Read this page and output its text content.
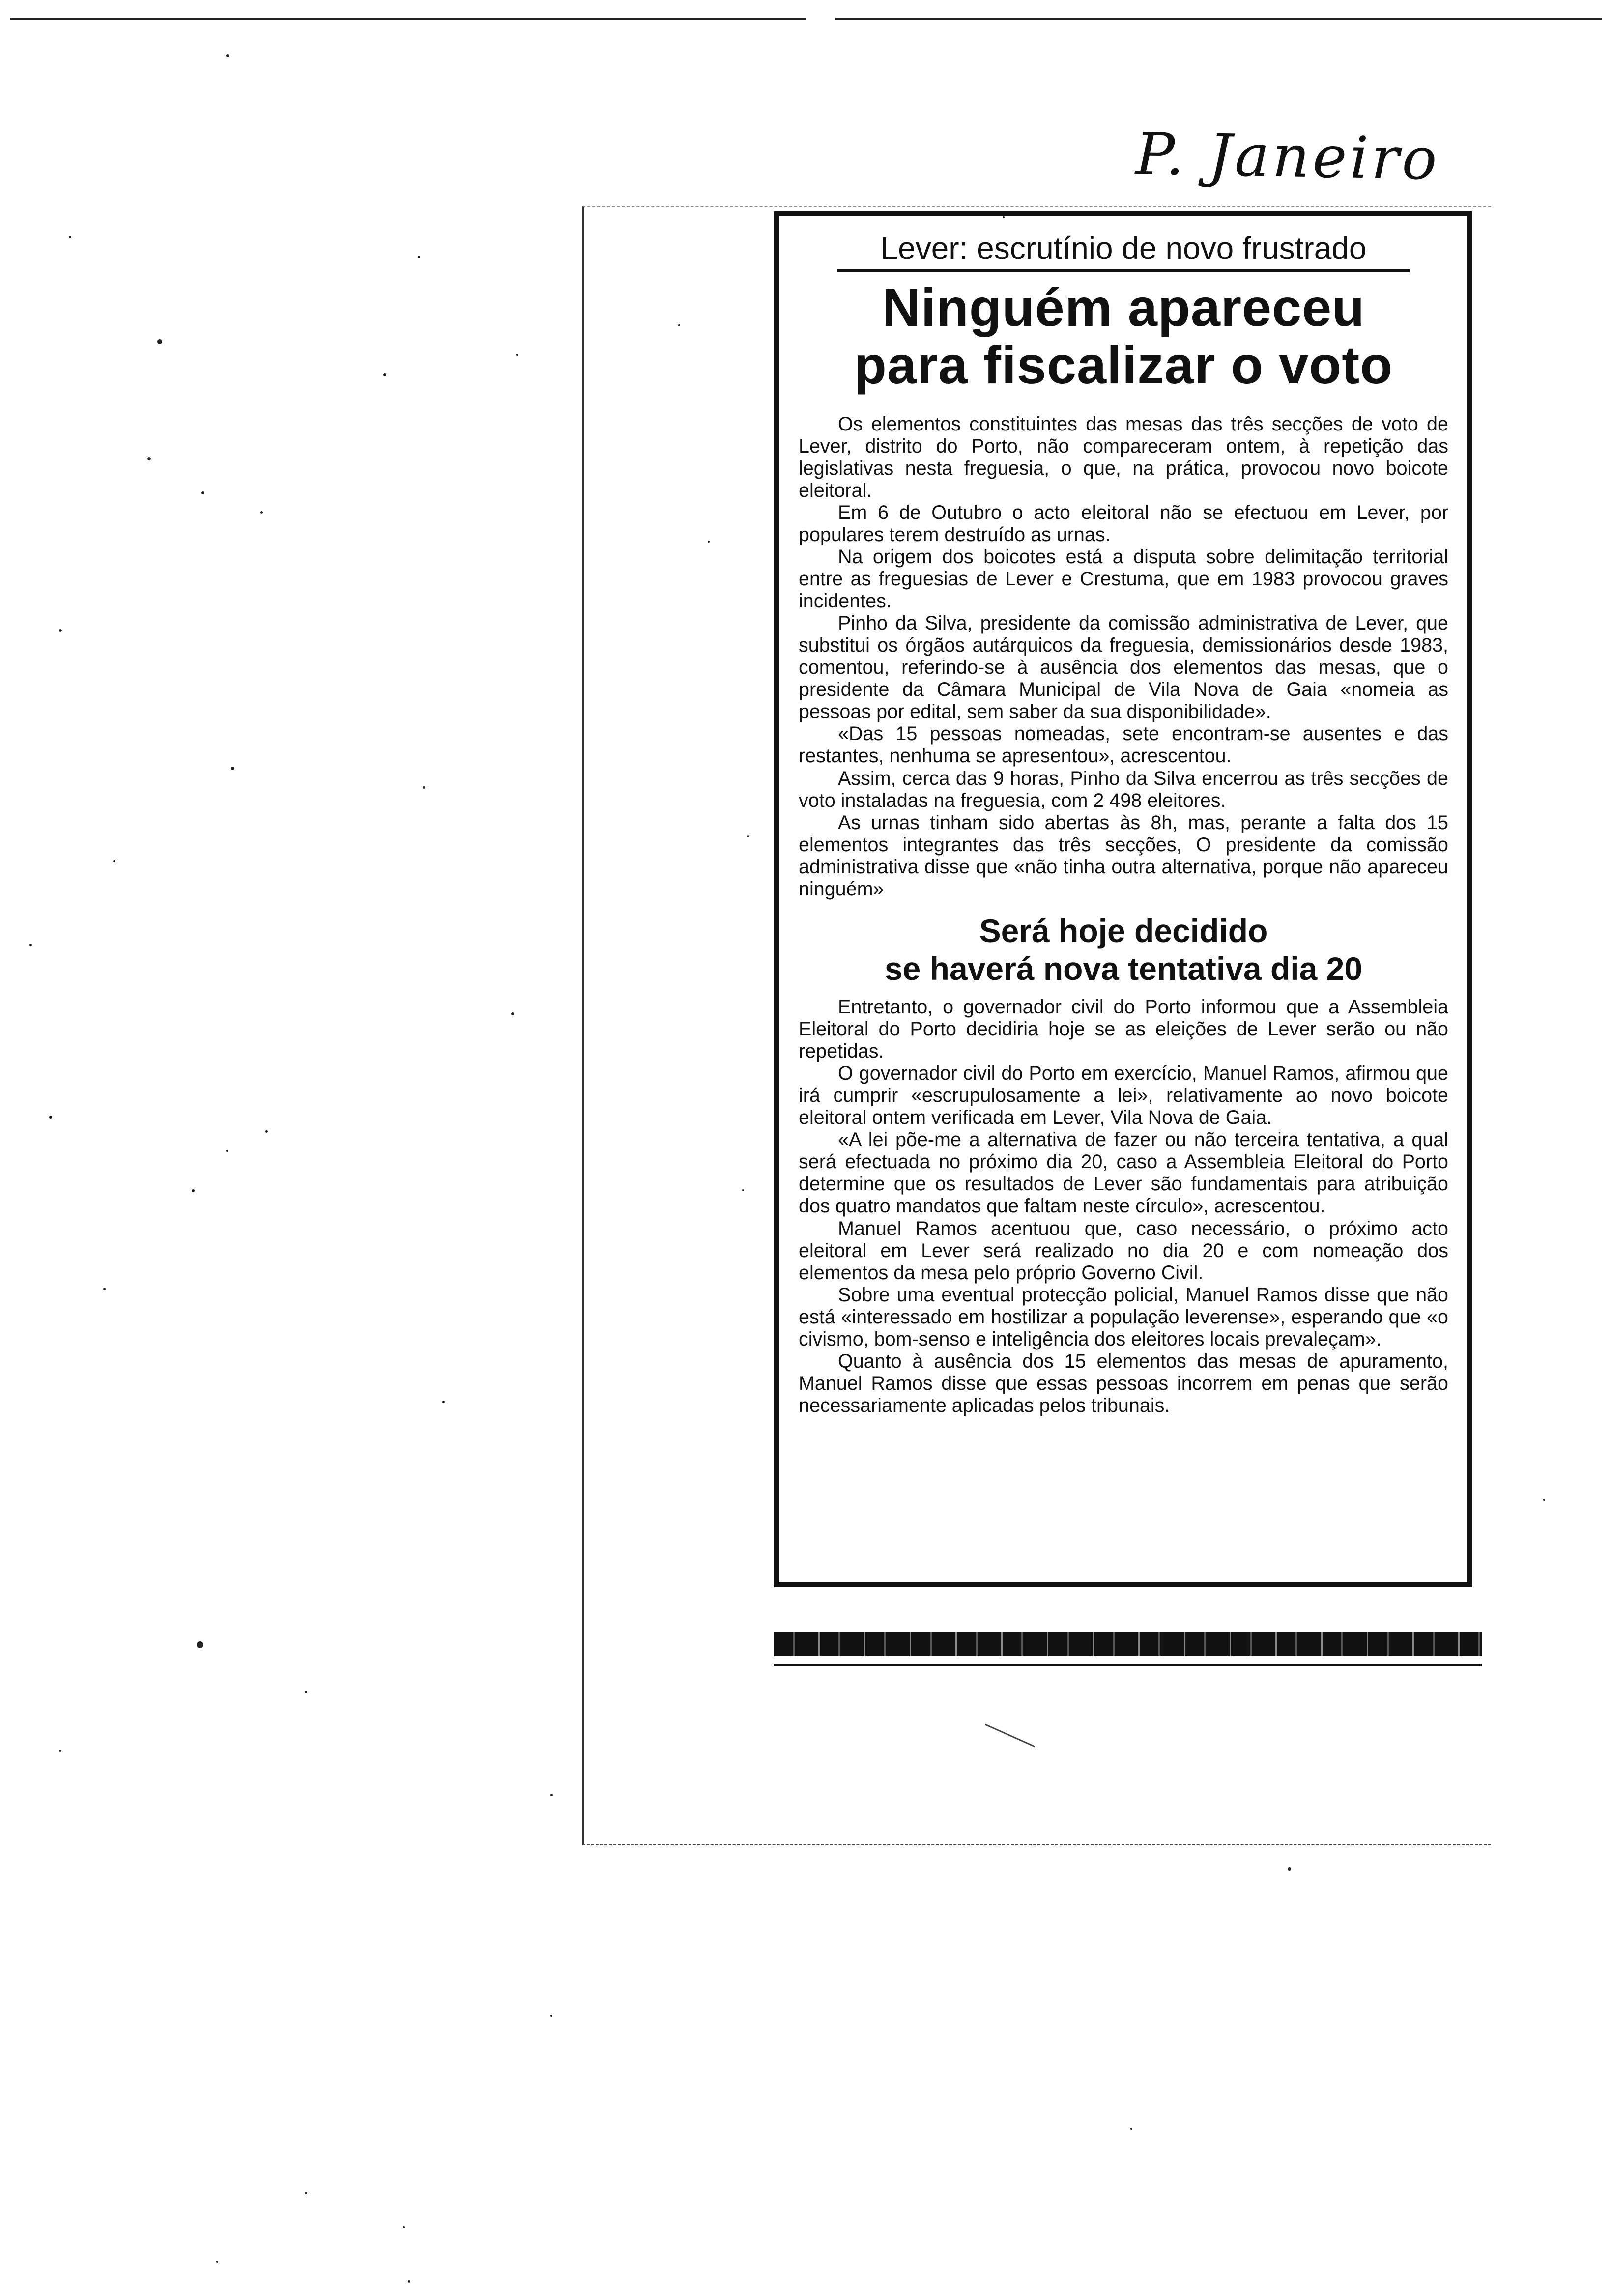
P. Janeiro
Lever: escrutínio de novo frustrado
Ninguém apareceu
para fiscalizar o voto

Os elementos constituintes das mesas das três secções de voto de Lever, distrito do Porto, não compareceram ontem, à repetição das legislativas nesta freguesia, o que, na prática, provocou novo boicote eleitoral.

Em 6 de Outubro o acto eleitoral não se efectuou em Lever, por populares terem destruído as urnas.

Na origem dos boicotes está a disputa sobre delimitação territorial entre as freguesias de Lever e Crestuma, que em 1983 provocou graves incidentes.

Pinho da Silva, presidente da comissão administrativa de Lever, que substitui os órgãos autárquicos da freguesia, demissionários desde 1983, comentou, referindo-se à ausência dos elementos das mesas, que o presidente da Câmara Municipal de Vila Nova de Gaia «nomeia as pessoas por edital, sem saber da sua disponibilidade».

«Das 15 pessoas nomeadas, sete encontram-se ausentes e das restantes, nenhuma se apresentou», acrescentou.

Assim, cerca das 9 horas, Pinho da Silva encerrou as três secções de voto instaladas na freguesia, com 2 498 eleitores.

As urnas tinham sido abertas às 8h, mas, perante a falta dos 15 elementos integrantes das três secções, O presidente da comissão administrativa disse que «não tinha outra alternativa, porque não apareceu ninguém»

Será hoje decidido
se haverá nova tentativa dia 20

Entretanto, o governador civil do Porto informou que a Assembleia Eleitoral do Porto decidiria hoje se as eleições de Lever serão ou não repetidas.

O governador civil do Porto em exercício, Manuel Ramos, afirmou que irá cumprir «escrupulosamente a lei», relativamente ao novo boicote eleitoral ontem verificada em Lever, Vila Nova de Gaia.

«A lei põe-me a alternativa de fazer ou não terceira tentativa, a qual será efectuada no próximo dia 20, caso a Assembleia Eleitoral do Porto determine que os resultados de Lever são fundamentais para atribuição dos quatro mandatos que faltam neste círculo», acrescentou.

Manuel Ramos acentuou que, caso necessário, o próximo acto eleitoral em Lever será realizado no dia 20 e com nomeação dos elementos da mesa pelo próprio Governo Civil.

Sobre uma eventual protecção policial, Manuel Ramos disse que não está «interessado em hostilizar a população leverense», esperando que «o civismo, bom-senso e inteligência dos eleitores locais prevaleçam».

Quanto à ausência dos 15 elementos das mesas de apuramento, Manuel Ramos disse que essas pessoas incorrem em penas que serão necessariamente aplicadas pelos tribunais.
